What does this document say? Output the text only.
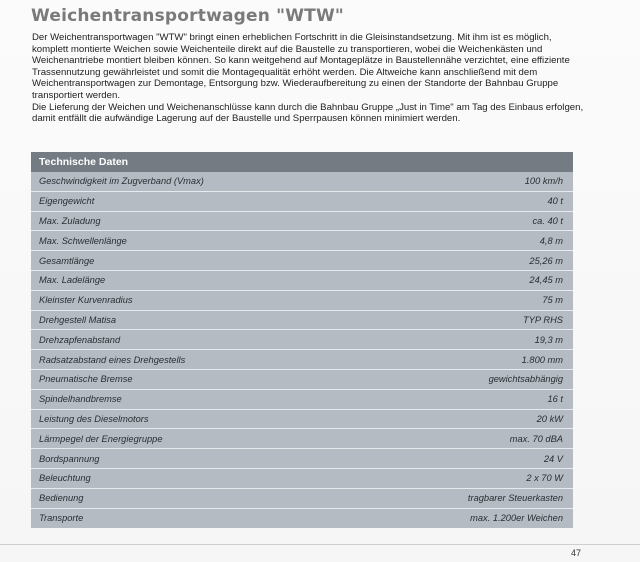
Weichentransportwagen "WTW"

Der Weichentransportwagen "WTW" bringt einen erheblichen Fortschritt in die Gleisinstandsetzung. Mit ihm ist es möglich, komplett montierte Weichen sowie Weichenteile direkt auf die Baustelle zu transportieren, wobei die Weichenkästen und Weichenantriebe montiert bleiben können. So kann weitgehend auf Montageplätze in Baustellennähe verzichtet, eine effiziente Trassennutzung gewährleistet und somit die Montagequalität erhöht werden. Die Altweiche kann anschließend mit dem Weichentransportwagen zur Demontage, Entsorgung bzw. Wiederaufbereitung zu einen der Standorte der Bahnbau Gruppe transportiert werden.

Die Lieferung der Weichen und Weichenanschlüsse kann durch die Bahnbau Gruppe „Just in Time" am Tag des Einbaus erfolgen, damit entfällt die aufwändige Lagerung auf der Baustelle und Sperrpausen können minimiert werden.

Technische Daten
Geschwindigkeit im Zugverband (Vmax)	100 km/h
Eigengewicht	40 t
Max. Zuladung	ca. 40 t
Max. Schwellenlänge	4,8 m
Gesamtlänge	25,26 m
Max. Ladelänge	24,45 m
Kleinster Kurvenradius	75 m
Drehgestell Matisa	TYP RHS
Drehzapfenabstand	19,3 m
Radsatzabstand eines Drehgestells	1.800 mm
Pneumatische Bremse	gewichtsabhängig
Spindelhandbremse	16 t
Leistung des Dieselmotors	20 kW
Lärmpegel der Energiegruppe	max. 70 dBA
Bordspannung	24 V
Beleuchtung	2 x 70 W
Bedienung	tragbarer Steuerkasten
Transporte	max. 1.200er Weichen
47
